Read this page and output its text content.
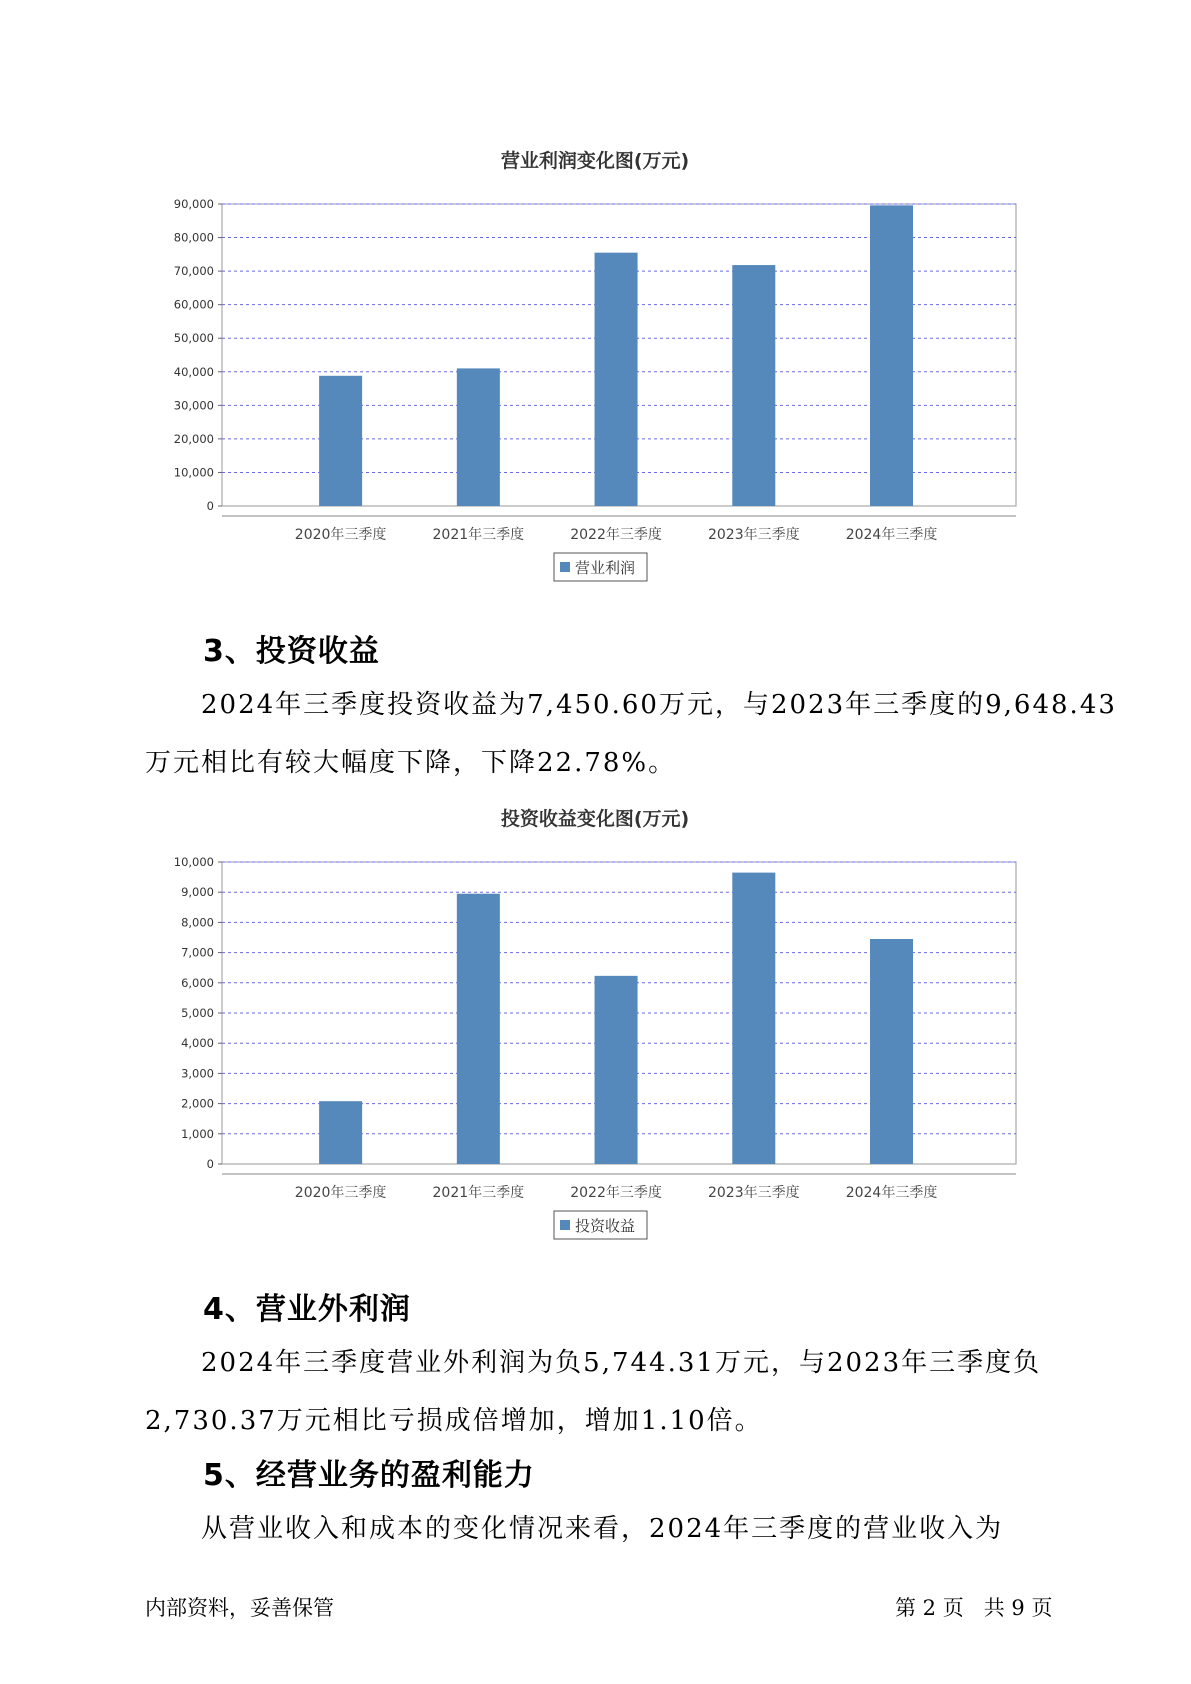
营业利润变化图(万元)
0
10,000
20,000
30,000
40,000
50,000
60,000
70,000
80,000
90,000
2020年三季度	2021年三季度	2022年三季度	2023年三季度	2024年三季度
营业利润
3、投资收益

2024年三季度投资收益为7,450.60万元，与2023年三季度的9,648.43

万元相比有较大幅度下降，下降22.78%。

投资收益变化图(万元)
0
1,000
2,000
3,000
4,000
5,000
6,000
7,000
8,000
9,000
10,000
2020年三季度	2021年三季度	2022年三季度	2023年三季度	2024年三季度
投资收益
4、营业外利润

2024年三季度营业外利润为负5,744.31万元，与2023年三季度负

2,730.37万元相比亏损成倍增加，增加1.10倍。

5、经营业务的盈利能力

从营业收入和成本的变化情况来看，2024年三季度的营业收入为

内部资料，妥善保管	第 2 页   共 9 页
